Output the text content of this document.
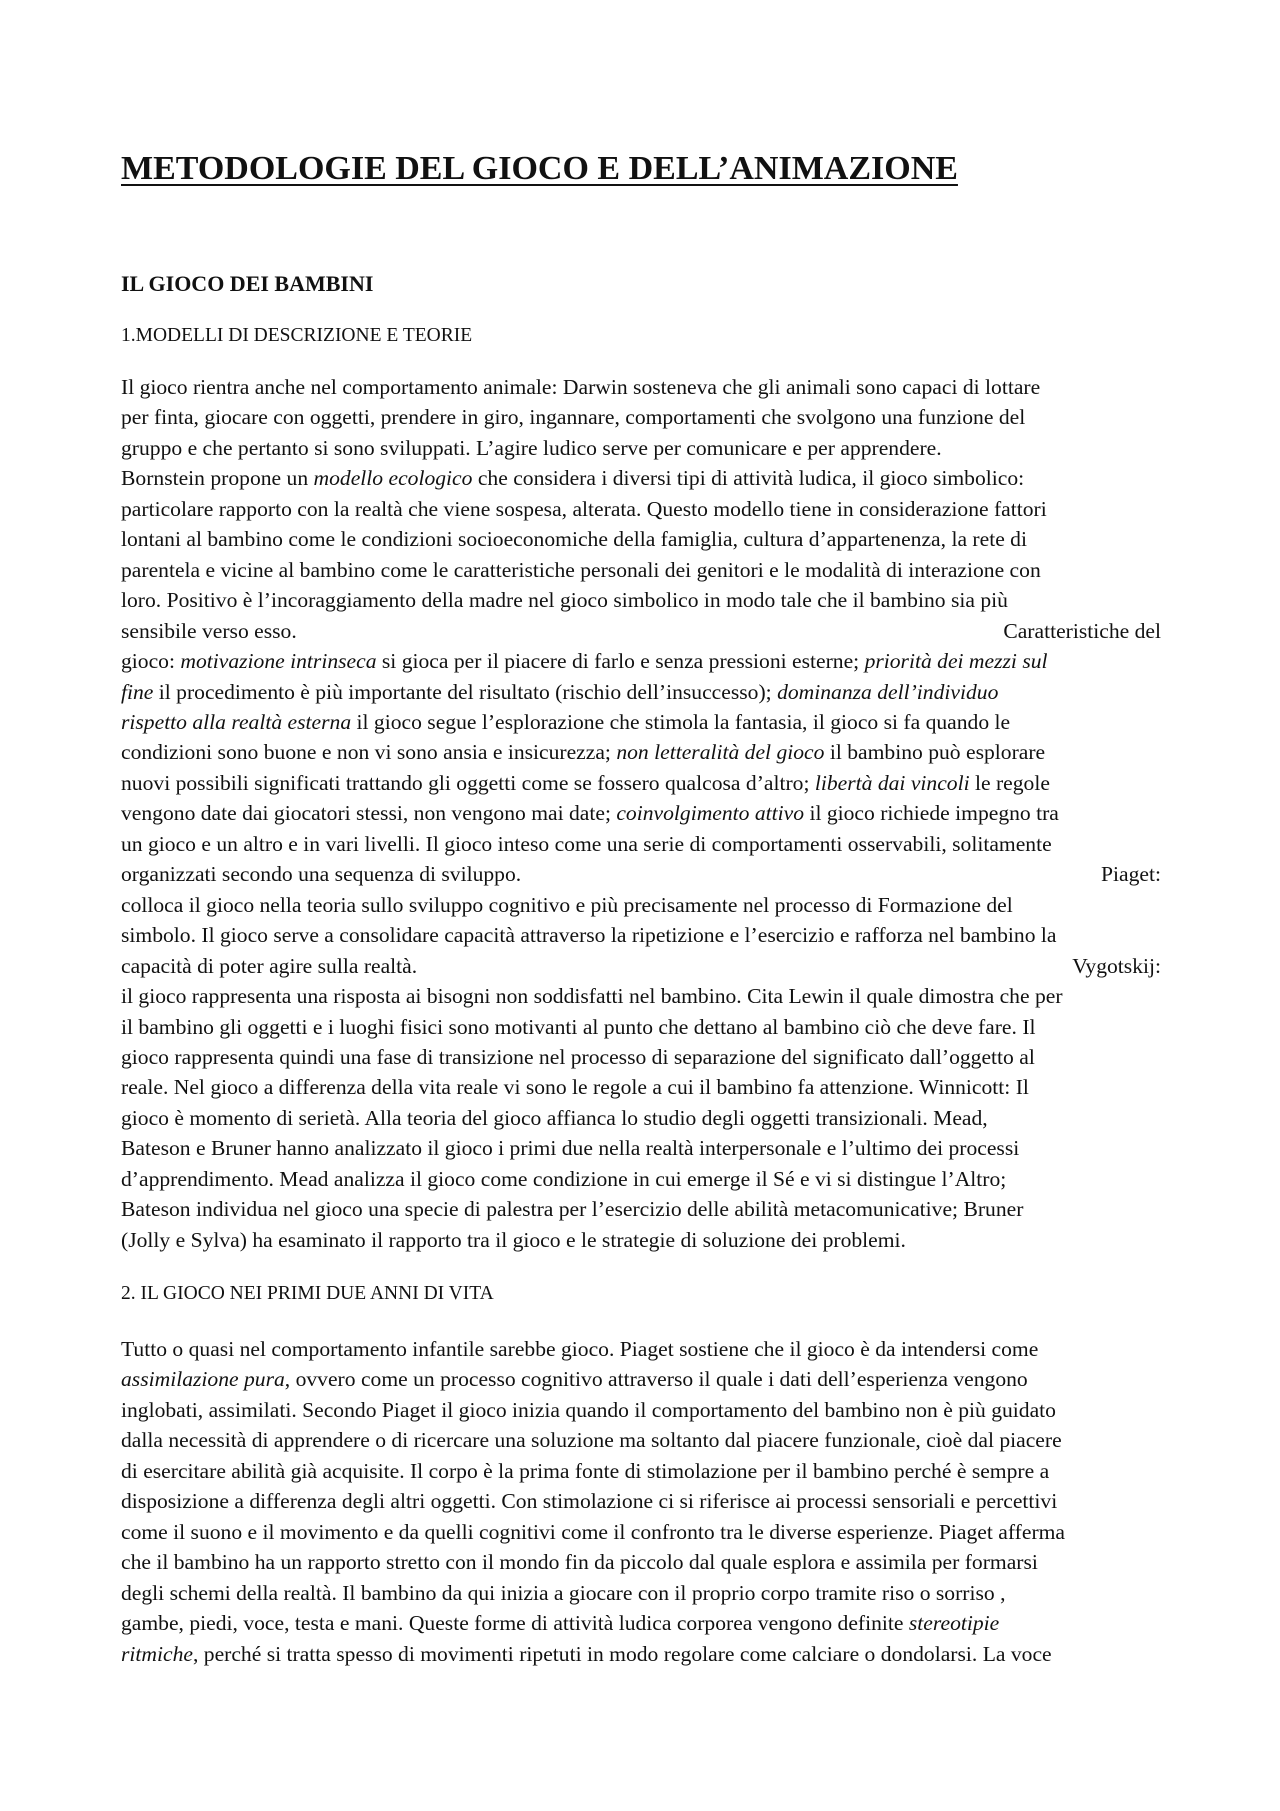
METODOLOGIE DEL GIOCO E DELL’ANIMAZIONE
IL GIOCO DEI BAMBINI
1.MODELLI DI DESCRIZIONE E TEORIE
Il gioco rientra anche nel comportamento animale: Darwin sosteneva che gli animali sono capaci di lottare
per finta, giocare con oggetti, prendere in giro, ingannare, comportamenti che svolgono una funzione del
gruppo e che pertanto si sono sviluppati. L’agire ludico serve per comunicare e per apprendere.
Bornstein propone un modello ecologico che considera i diversi tipi di attività ludica, il gioco simbolico:
particolare rapporto con la realtà che viene sospesa, alterata. Questo modello tiene in considerazione fattori
lontani al bambino come le condizioni socioeconomiche della famiglia, cultura d’appartenenza, la rete di
parentela e vicine al bambino come le caratteristiche personali dei genitori e le modalità di interazione con
loro. Positivo è l’incoraggiamento della madre nel gioco simbolico in modo tale che il bambino sia più
sensibile verso esso.	Caratteristiche del
gioco: motivazione intrinseca si gioca per il piacere di farlo e senza pressioni esterne; priorità dei mezzi sul
fine il procedimento è più importante del risultato (rischio dell’insuccesso); dominanza dell’individuo
rispetto alla realtà esterna il gioco segue l’esplorazione che stimola la fantasia, il gioco si fa quando le
condizioni sono buone e non vi sono ansia e insicurezza; non letteralità del gioco il bambino può esplorare
nuovi possibili significati trattando gli oggetti come se fossero qualcosa d’altro; libertà dai vincoli le regole
vengono date dai giocatori stessi, non vengono mai date; coinvolgimento attivo il gioco richiede impegno tra
un gioco e un altro e in vari livelli. Il gioco inteso come una serie di comportamenti osservabili, solitamente
organizzati secondo una sequenza di sviluppo.	Piaget:
colloca il gioco nella teoria sullo sviluppo cognitivo e più precisamente nel processo di Formazione del
simbolo. Il gioco serve a consolidare capacità attraverso la ripetizione e l’esercizio e rafforza nel bambino la
capacità di poter agire sulla realtà.	Vygotskij:
il gioco rappresenta una risposta ai bisogni non soddisfatti nel bambino. Cita Lewin il quale dimostra che per
il bambino gli oggetti e i luoghi fisici sono motivanti al punto che dettano al bambino ciò che deve fare. Il
gioco rappresenta quindi una fase di transizione nel processo di separazione del significato dall’oggetto al
reale. Nel gioco a differenza della vita reale vi sono le regole a cui il bambino fa attenzione. Winnicott: Il
gioco è momento di serietà. Alla teoria del gioco affianca lo studio degli oggetti transizionali. Mead,
Bateson e Bruner hanno analizzato il gioco i primi due nella realtà interpersonale e l’ultimo dei processi
d’apprendimento. Mead analizza il gioco come condizione in cui emerge il Sé e vi si distingue l’Altro;
Bateson individua nel gioco una specie di palestra per l’esercizio delle abilità metacomunicative; Bruner
(Jolly e Sylva) ha esaminato il rapporto tra il gioco e le strategie di soluzione dei problemi.
2. IL GIOCO NEI PRIMI DUE ANNI DI VITA
Tutto o quasi nel comportamento infantile sarebbe gioco. Piaget sostiene che il gioco è da intendersi come
assimilazione pura, ovvero come un processo cognitivo attraverso il quale i dati dell’esperienza vengono
inglobati, assimilati. Secondo Piaget il gioco inizia quando il comportamento del bambino non è più guidato
dalla necessità di apprendere o di ricercare una soluzione ma soltanto dal piacere funzionale, cioè dal piacere
di esercitare abilità già acquisite. Il corpo è la prima fonte di stimolazione per il bambino perché è sempre a
disposizione a differenza degli altri oggetti. Con stimolazione ci si riferisce ai processi sensoriali e percettivi
come il suono e il movimento e da quelli cognitivi come il confronto tra le diverse esperienze. Piaget afferma
che il bambino ha un rapporto stretto con il mondo fin da piccolo dal quale esplora e assimila per formarsi
degli schemi della realtà. Il bambino da qui inizia a giocare con il proprio corpo tramite riso o sorriso ,
gambe, piedi, voce, testa e mani. Queste forme di attività ludica corporea vengono definite stereotipie
ritmiche, perché si tratta spesso di movimenti ripetuti in modo regolare come calciare o dondolarsi. La voce
